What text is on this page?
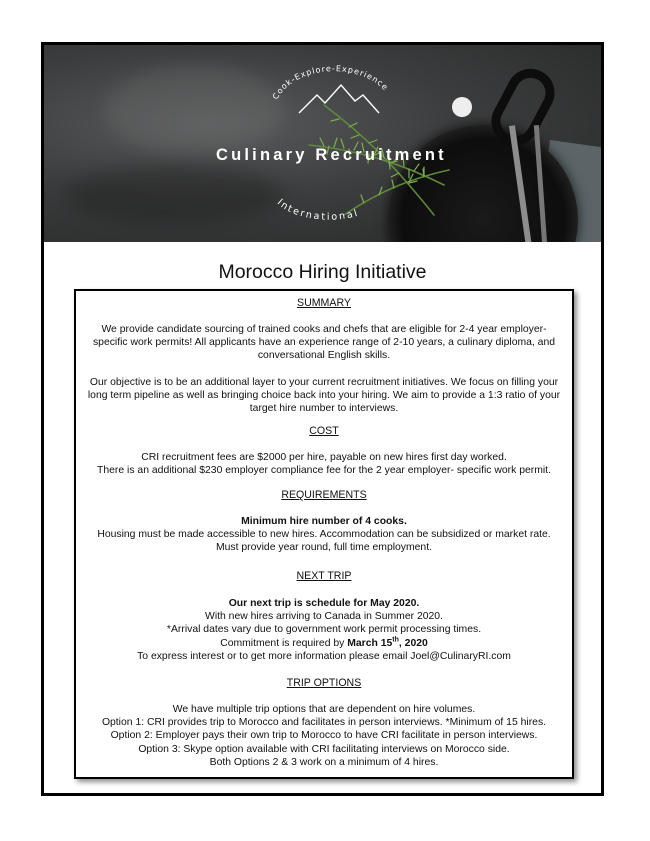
Cook-Explore-Experience
Culinary Recruitment
International
Morocco Hiring Initiative
SUMMARY
We provide candidate sourcing of trained cooks and chefs that are eligible for 2-4 year employer-
specific work permits! All applicants have an experience range of 2-10 years, a culinary diploma, and
conversational English skills.
Our objective is to be an additional layer to your current recruitment initiatives. We focus on filling your
long term pipeline as well as bringing choice back into your hiring. We aim to provide a 1:3 ratio of your
target hire number to interviews.
COST
CRI recruitment fees are $2000 per hire, payable on new hires first day worked.
There is an additional $230 employer compliance fee for the 2 year employer- specific work permit.
REQUIREMENTS
Minimum hire number of 4 cooks.
Housing must be made accessible to new hires. Accommodation can be subsidized or market rate.
Must provide year round, full time employment.
NEXT TRIP
Our next trip is schedule for May 2020.
With new hires arriving to Canada in Summer 2020.
*Arrival dates vary due to government work permit processing times.
Commitment is required by March 15th, 2020
To express interest or to get more information please email Joel@CulinaryRI.com
TRIP OPTIONS
We have multiple trip options that are dependent on hire volumes.
Option 1: CRI provides trip to Morocco and facilitates in person interviews. *Minimum of 15 hires.
Option 2: Employer pays their own trip to Morocco to have CRI facilitate in person interviews.
Option 3: Skype option available with CRI facilitating interviews on Morocco side.
Both Options 2 & 3 work on a minimum of 4 hires.
